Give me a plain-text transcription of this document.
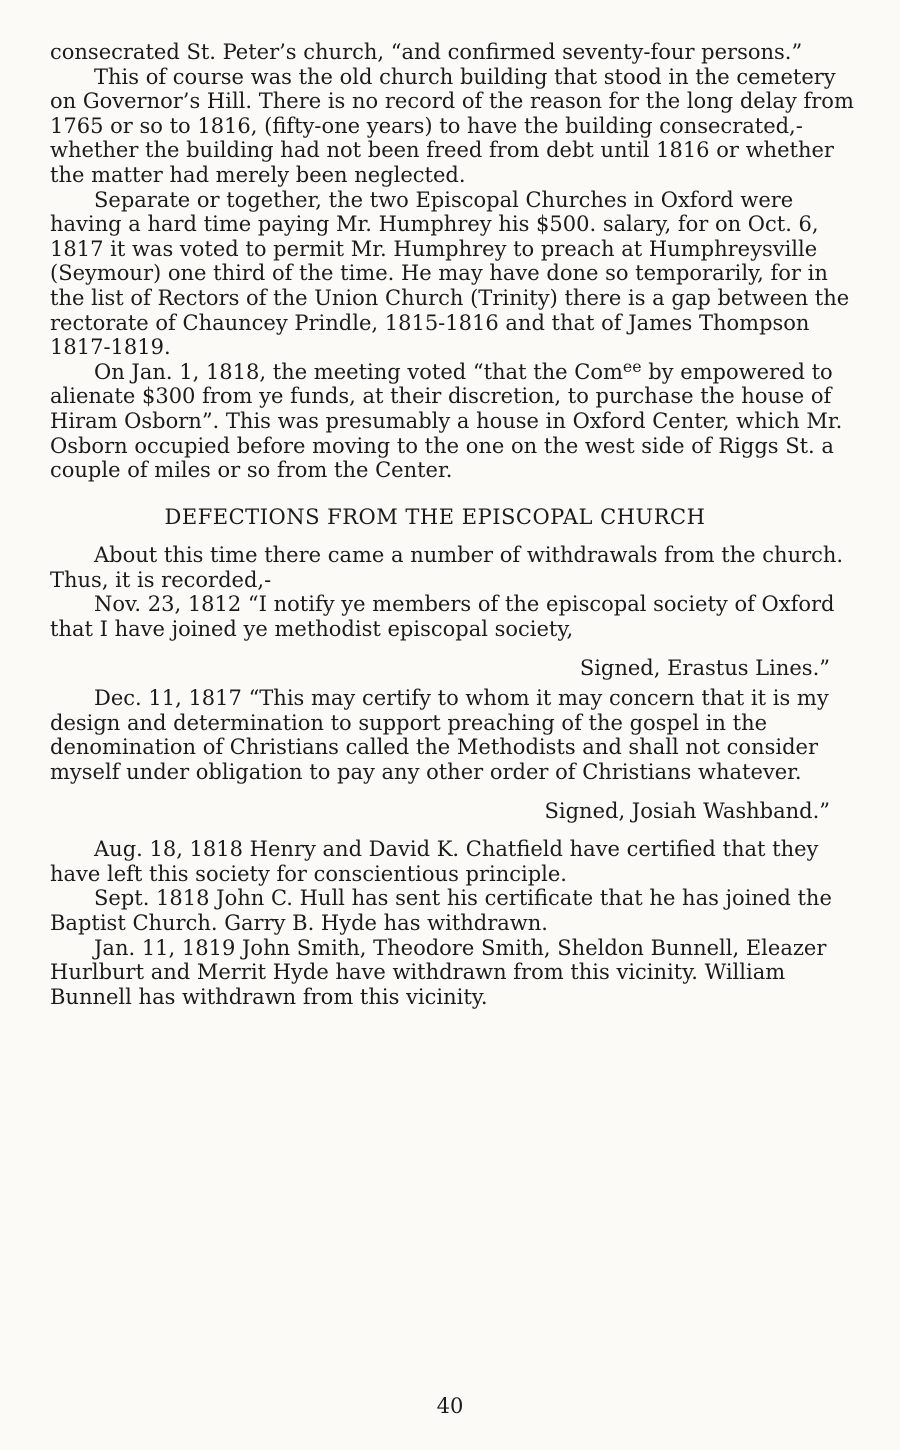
consecrated St. Peter’s church, “and confirmed seventy-four persons.”

This of course was the old church building that stood in the cemetery on Governor’s Hill. There is no record of the reason for the long delay from 1765 or so to 1816, (fifty-one years) to have the building consecrated,- whether the building had not been freed from debt until 1816 or whether the matter had merely been neglected.

Separate or together, the two Episcopal Churches in Oxford were having a hard time paying Mr. Humphrey his $500. salary, for on Oct. 6, 1817 it was voted to permit Mr. Humphrey to preach at Humphreysville (Seymour) one third of the time. He may have done so temporarily, for in the list of Rectors of the Union Church (Trinity) there is a gap between the rectorate of Chauncey Prindle, 1815-1816 and that of James Thompson 1817-1819.

On Jan. 1, 1818, the meeting voted “that the Com$^{ee}$ by empowered to alienate $300 from ye funds, at their discretion, to purchase the house of Hiram Osborn”. This was presumably a house in Oxford Center, which Mr. Osborn occupied before moving to the one on the west side of Riggs St. a couple of miles or so from the Center.

DEFECTIONS FROM THE EPISCOPAL CHURCH

About this time there came a number of withdrawals from the church. Thus, it is recorded,-

Nov. 23, 1812 “I notify ye members of the episcopal society of Oxford that I have joined ye methodist episcopal society,

Signed, Erastus Lines.”

Dec. 11, 1817 “This may certify to whom it may concern that it is my design and determination to support preaching of the gospel in the denomination of Christians called the Methodists and shall not consider myself under obligation to pay any other order of Christians whatever.

Signed, Josiah Washband.”

Aug. 18, 1818 Henry and David K. Chatfield have certified that they have left this society for conscientious principle.

Sept. 1818 John C. Hull has sent his certificate that he has joined the Baptist Church. Garry B. Hyde has withdrawn.

Jan. 11, 1819 John Smith, Theodore Smith, Sheldon Bunnell, Eleazer Hurlburt and Merrit Hyde have withdrawn from this vicinity. William Bunnell has withdrawn from this vicinity.

40
